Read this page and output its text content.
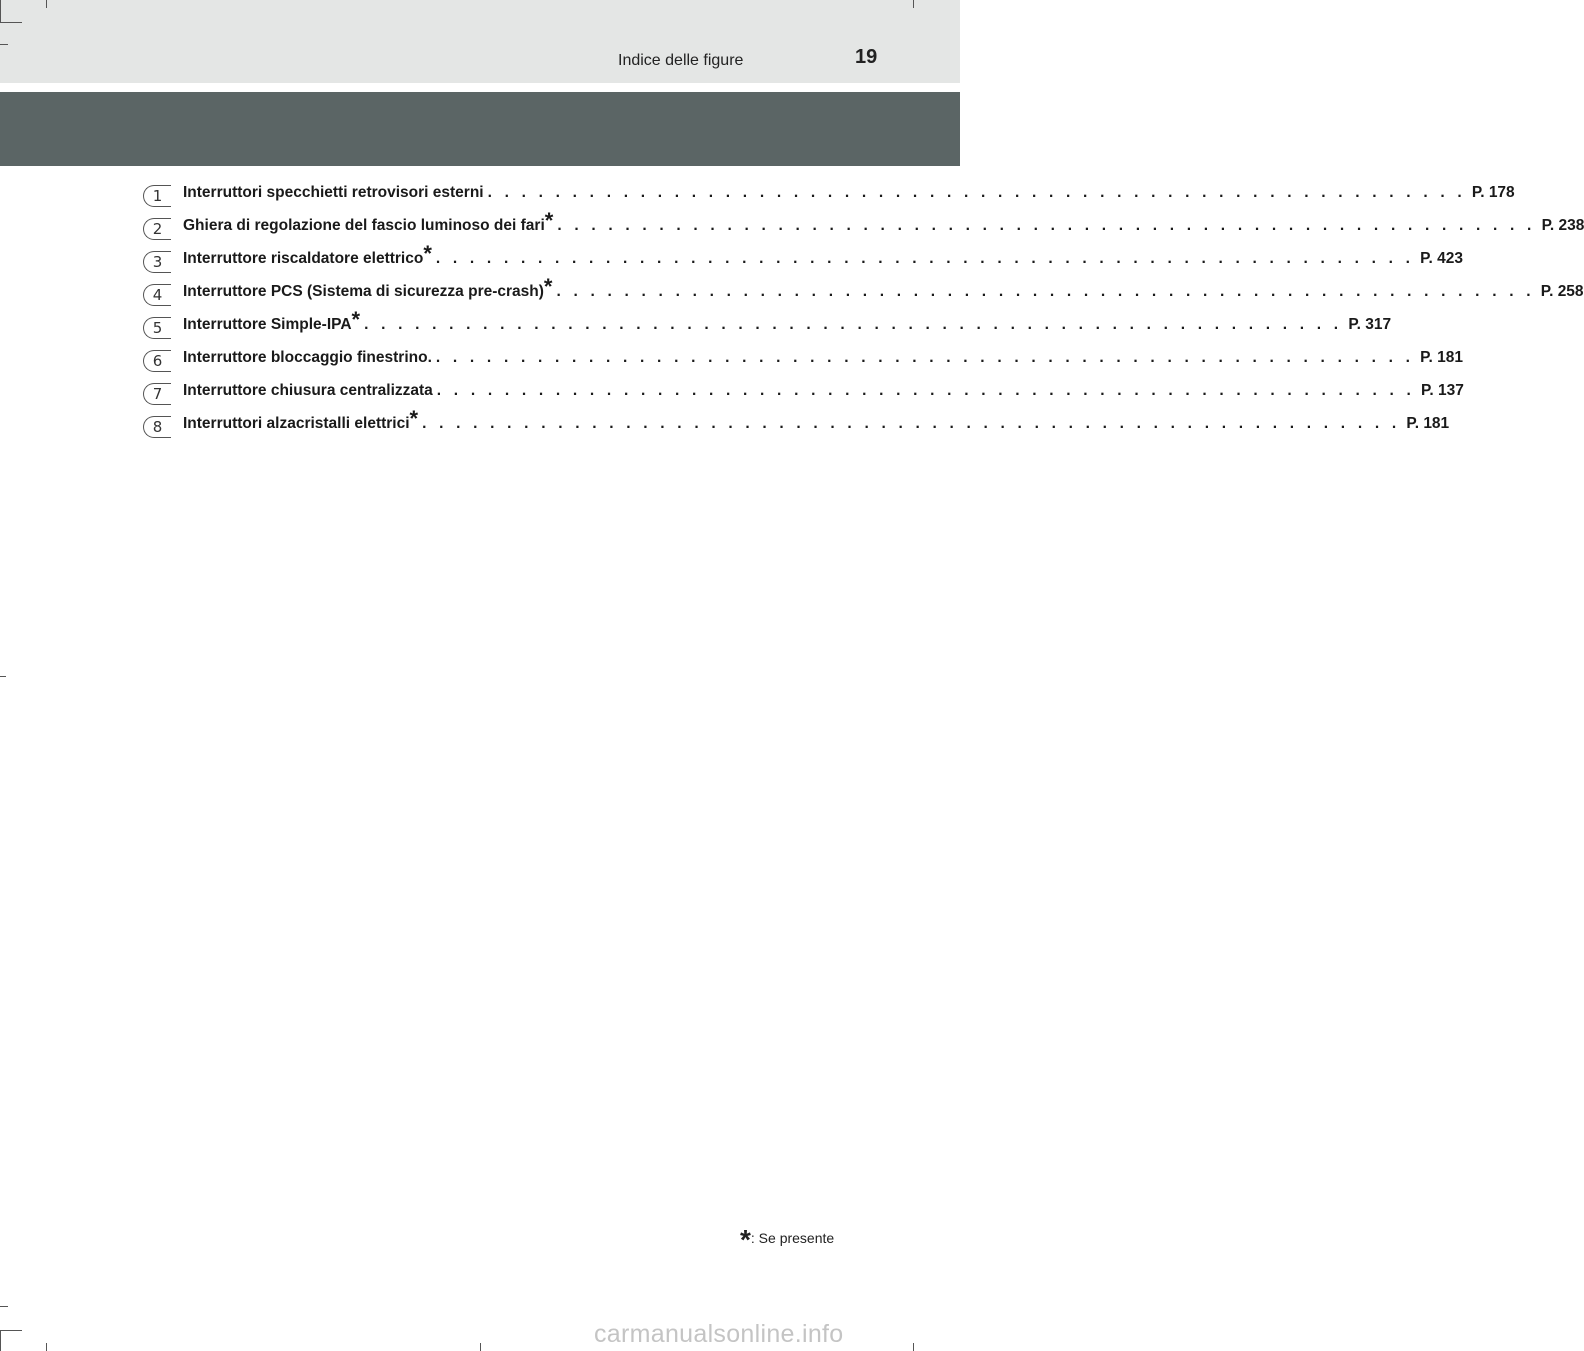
Indice delle figure	19
1	Interruttori specchietti retrovisori esterni . . . . . . . . . . . . . . . . . . . . . . . . . . . . . . . . . . . . . . . . . . . . . . . . . . . . . . . . . . P. 178
2	Ghiera di regolazione del fascio luminoso dei fari * . . . . . . . . . . . . . . . . . . . . . . . . . . . . . . . . . . . . . . . . . . . . . . . . . . . . . . . . . . P. 238
3	Interruttore riscaldatore elettrico * . . . . . . . . . . . . . . . . . . . . . . . . . . . . . . . . . . . . . . . . . . . . . . . . . . . . . . . . . . P. 423
4	Interruttore PCS (Sistema di sicurezza pre-crash) * . . . . . . . . . . . . . . . . . . . . . . . . . . . . . . . . . . . . . . . . . . . . . . . . . . . . . . . . . . P. 258
5	Interruttore Simple-IPA * . . . . . . . . . . . . . . . . . . . . . . . . . . . . . . . . . . . . . . . . . . . . . . . . . . . . . . . . . . P. 317
6	Interruttore bloccaggio finestrino. . . . . . . . . . . . . . . . . . . . . . . . . . . . . . . . . . . . . . . . . . . . . . . . . . . . . . . . . . . P. 181
7	Interruttore chiusura centralizzata . . . . . . . . . . . . . . . . . . . . . . . . . . . . . . . . . . . . . . . . . . . . . . . . . . . . . . . . . . P. 137
8	Interruttori alzacristalli elettrici * . . . . . . . . . . . . . . . . . . . . . . . . . . . . . . . . . . . . . . . . . . . . . . . . . . . . . . . . . . P. 181
*: Se presente
carmanualsonline.info
